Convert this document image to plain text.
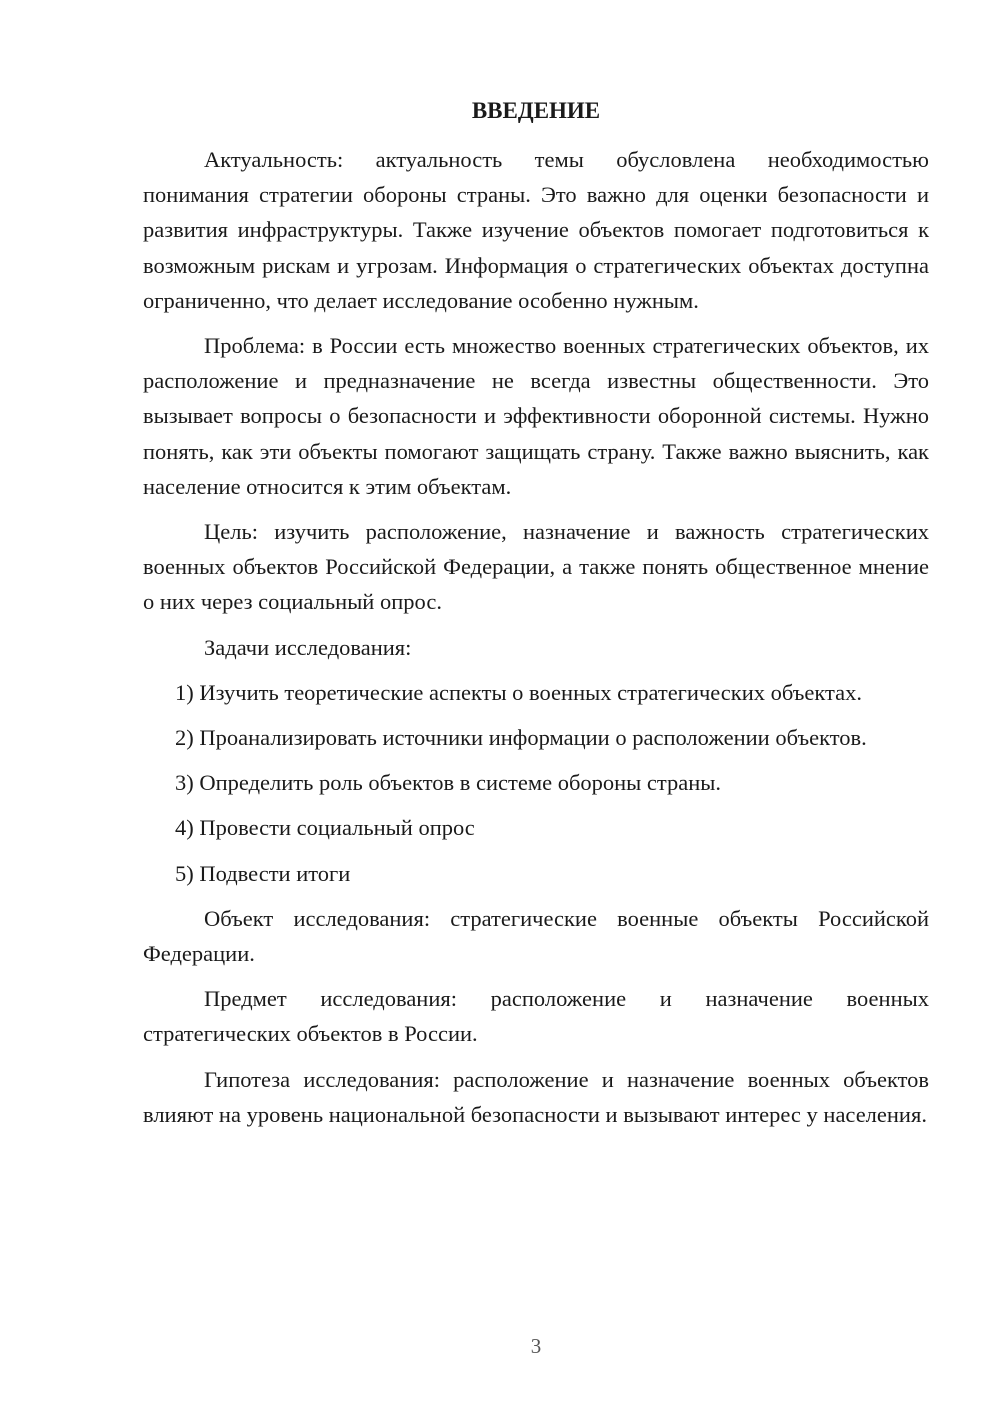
ВВЕДЕНИЕ

Актуальность: актуальность темы обусловлена необходимостью понимания стратегии обороны страны. Это важно для оценки безопасности и развития инфраструктуры. Также изучение объектов помогает подготовиться к возможным рискам и угрозам. Информация о стратегических объектах доступна ограниченно, что делает исследование особенно нужным.

Проблема: в России есть множество военных стратегических объектов, их расположение и предназначение не всегда известны общественности. Это вызывает вопросы о безопасности и эффективности оборонной системы. Нужно понять, как эти объекты помогают защищать страну. Также важно выяснить, как население относится к этим объектам.

Цель: изучить расположение, назначение и важность стратегических военных объектов Российской Федерации, а также понять общественное мнение о них через социальный опрос.

Задачи исследования:

1) Изучить теоретические аспекты о военных стратегических объектах.

2) Проанализировать источники информации о расположении объектов.

3) Определить роль объектов в системе обороны страны.

4) Провести социальный опрос

5) Подвести итоги

Объект исследования: стратегические военные объекты Российской Федерации.

Предмет исследования: расположение и назначение военных стратегических объектов в России.

Гипотеза исследования: расположение и назначение военных объектов влияют на уровень национальной безопасности и вызывают интерес у населения.

3
